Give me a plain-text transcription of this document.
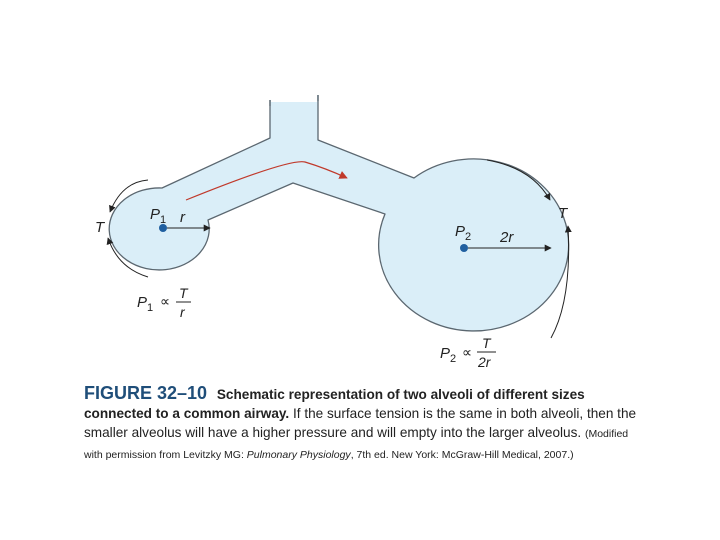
$P_1$ r
T	$P_2$ 2r
T
$P_1 \propto T$
r
$P_2$ ∝
T
2r
FIGURE 32–10 Schematic representation of two alveoli of different sizes connected to a common airway. If the surface tension is the same in both alveoli, then the smaller alveolus will have a higher pressure and will empty into the larger alveolus. (Modified with permission from Levitzky MG: Pulmonary Physiology, 7th ed. New York: McGraw-Hill Medical, 2007.)
